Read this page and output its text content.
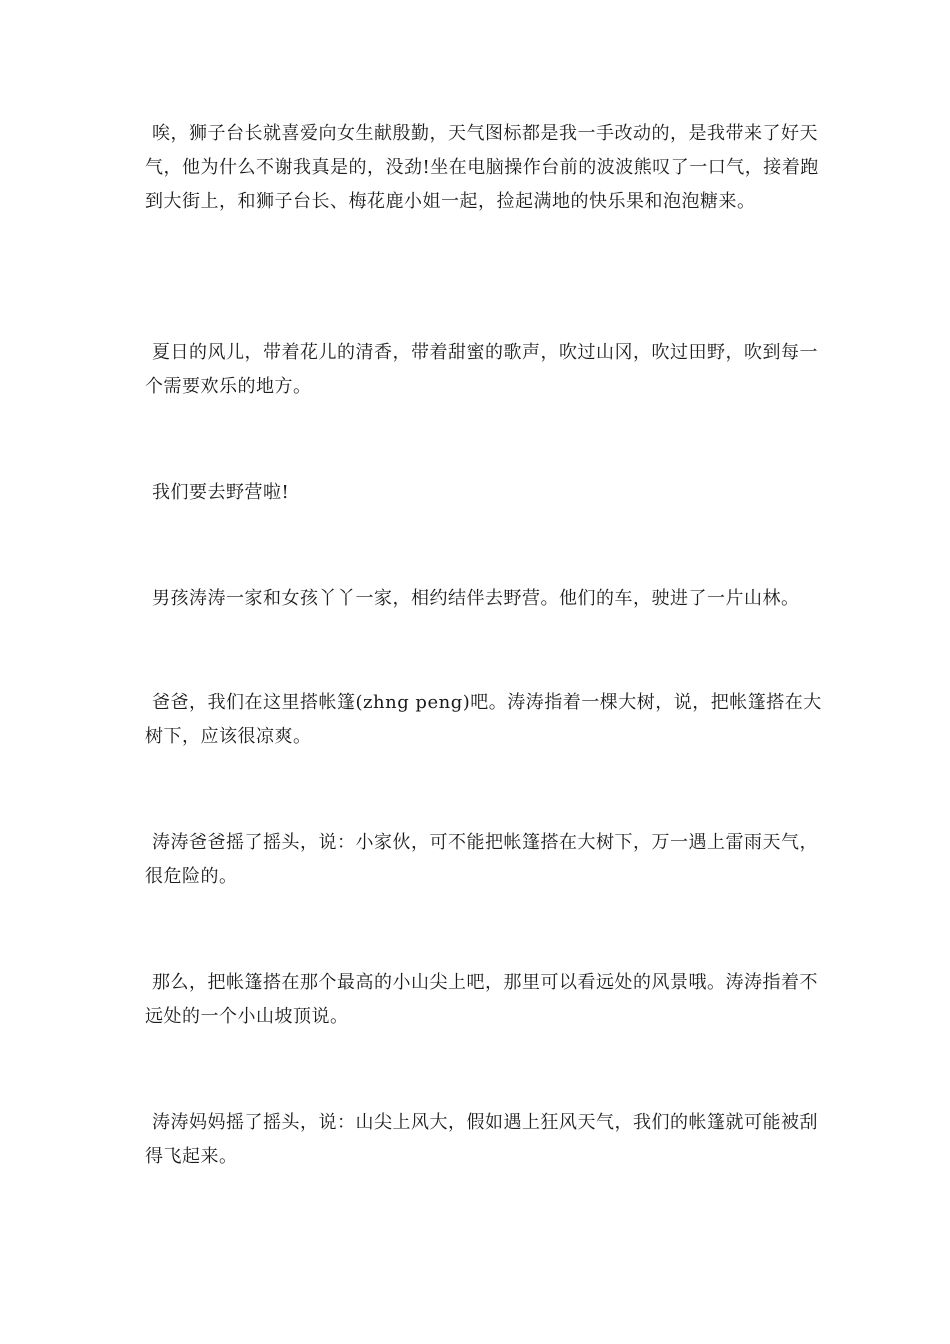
唉，狮子台长就喜爱向女生献殷勤，天气图标都是我一手改动的，是我带来了好天气，他为什么不谢我真是的，没劲!坐在电脑操作台前的波波熊叹了一口气，接着跑到大街上，和狮子台长、梅花鹿小姐一起，捡起满地的快乐果和泡泡糖来。

夏日的风儿，带着花儿的清香，带着甜蜜的歌声，吹过山冈，吹过田野，吹到每一个需要欢乐的地方。

我们要去野营啦!

男孩涛涛一家和女孩丫丫一家，相约结伴去野营。他们的车，驶进了一片山林。

爸爸，我们在这里搭帐篷(zhng peng)吧。涛涛指着一棵大树，说，把帐篷搭在大树下，应该很凉爽。

涛涛爸爸摇了摇头，说：小家伙，可不能把帐篷搭在大树下，万一遇上雷雨天气，很危险的。

那么，把帐篷搭在那个最高的小山尖上吧，那里可以看远处的风景哦。涛涛指着不远处的一个小山坡顶说。

涛涛妈妈摇了摇头，说：山尖上风大，假如遇上狂风天气，我们的帐篷就可能被刮得飞起来。
